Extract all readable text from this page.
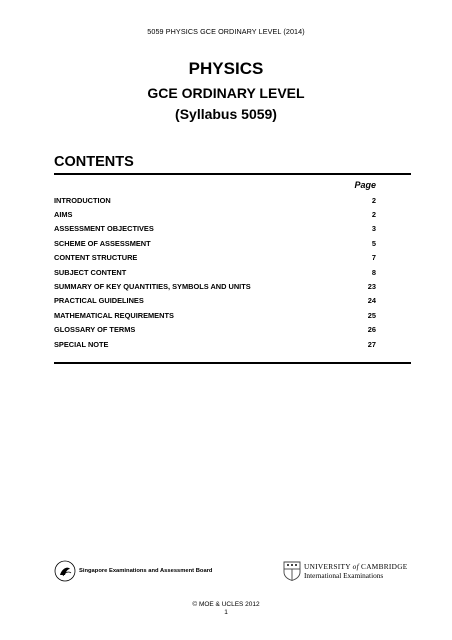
5059 PHYSICS GCE ORDINARY LEVEL (2014)
PHYSICS
GCE ORDINARY LEVEL
(Syllabus 5059)
CONTENTS
Page
INTRODUCTION	2
AIMS	2
ASSESSMENT OBJECTIVES	3
SCHEME OF ASSESSMENT	5
CONTENT STRUCTURE	7
SUBJECT CONTENT	8
SUMMARY OF KEY QUANTITIES, SYMBOLS AND UNITS	23
PRACTICAL GUIDELINES	24
MATHEMATICAL REQUIREMENTS	25
GLOSSARY OF TERMS	26
SPECIAL NOTE	27
Singapore Examinations and Assessment Board	UNIVERSITY of CAMBRIDGE
International Examinations
© MOE & UCLES 2012
1
